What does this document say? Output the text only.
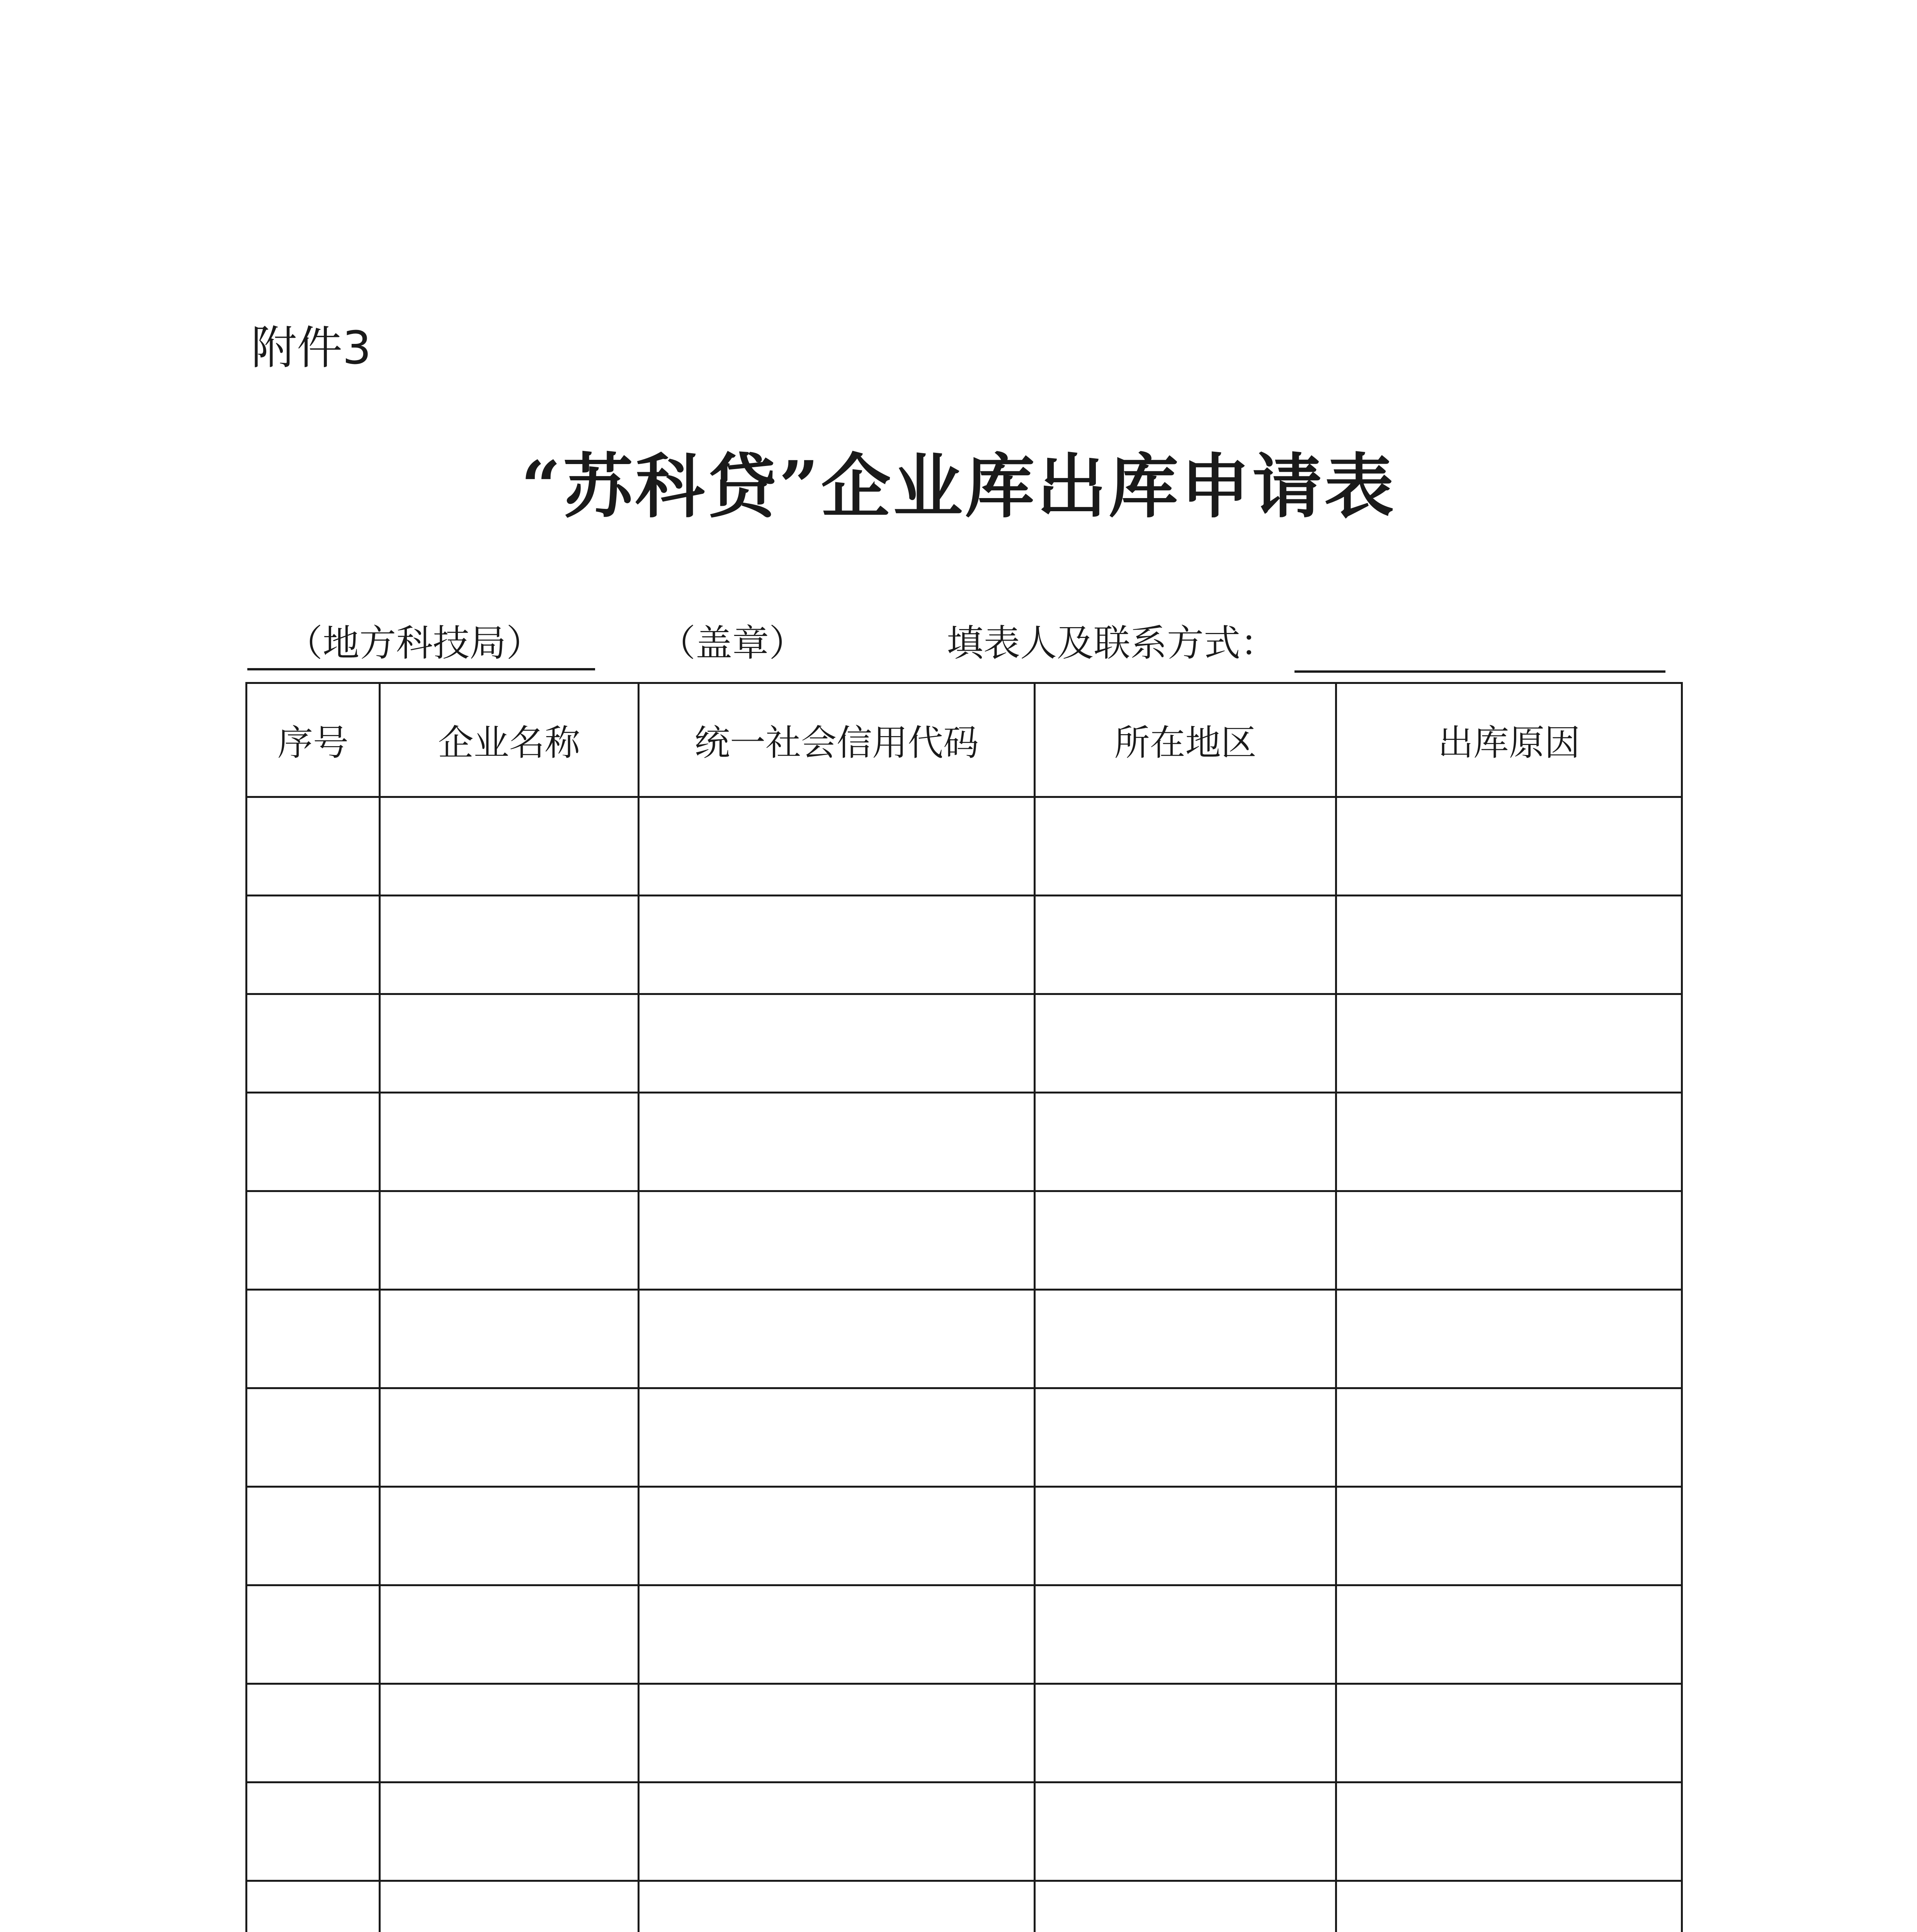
附件3
“苏科贷”企业库出库申请表
（地方科技局）	（盖章）	填表人及联系方式：
序号	企业名称	统一社会信用代码	所在地区	出库原因
